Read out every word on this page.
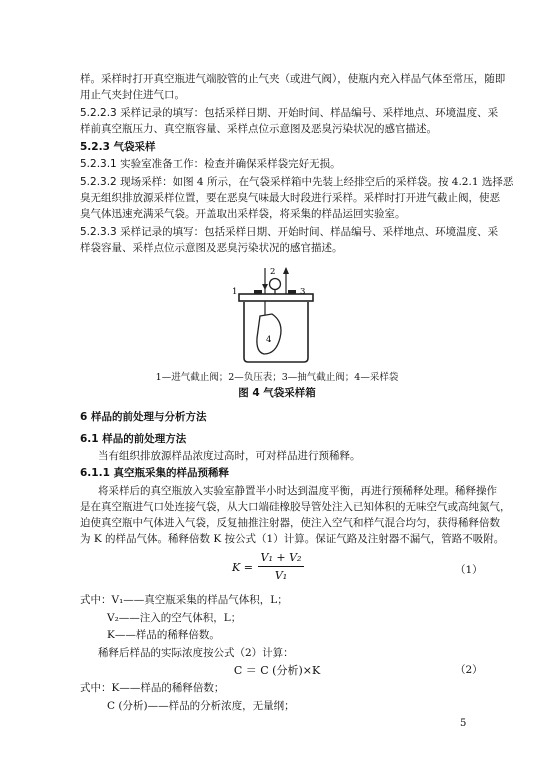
样。采样时打开真空瓶进气端胶管的止气夹（或进气阀），使瓶内充入样品气体至常压，随即
用止气夹封住进气口。
5.2.2.3 采样记录的填写：包括采样日期、开始时间、样品编号、采样地点、环境温度、采
样前真空瓶压力、真空瓶容量、采样点位示意图及恶臭污染状况的感官描述。
5.2.3 气袋采样
5.2.3.1 实验室准备工作：检查并确保采样袋完好无损。
5.2.3.2 现场采样：如图 4 所示，在气袋采样箱中先装上经排空后的采样袋。按 4.2.1 选择恶
臭无组织排放源采样位置，要在恶臭气味最大时段进行采样。采样时打开进气截止阀，使恶
臭气体迅速充满采气袋。开盖取出采样袋，将采集的样品运回实验室。
5.2.3.3 采样记录的填写：包括采样日期、开始时间、样品编号、采样地点、环境温度、采
样袋容量、采样点位示意图及恶臭污染状况的感官描述。
1
2
3
4
1—进气截止阀；2—负压表；3—抽气截止阀；4—采样袋
图 4 气袋采样箱
6 样品的前处理与分析方法
6.1 样品的前处理方法
当有组织排放源样品浓度过高时，可对样品进行预稀释。
6.1.1 真空瓶采集的样品预稀释
将采样后的真空瓶放入实验室静置半小时达到温度平衡，再进行预稀释处理。稀释操作
是在真空瓶进气口处连接气袋，从大口端硅橡胶导管处注入已知体积的无味空气或高纯氮气，
迫使真空瓶中气体进入气袋，反复抽推注射器，使注入空气和样气混合均匀，获得稀释倍数
为 K 的样品气体。稀释倍数 K 按公式（1）计算。保证气路及注射器不漏气，管路不吸附。
K =
V₁ + V₂
V₁	（1）
式中：V₁——真空瓶采集的样品气体积，L；
V₂——注入的空气体积，L；
K——样品的稀释倍数。
稀释后样品的实际浓度按公式（2）计算：
C ＝ C (分析)×K	（2）
式中：K——样品的稀释倍数；
C (分析)——样品的分析浓度，无量纲；
5
